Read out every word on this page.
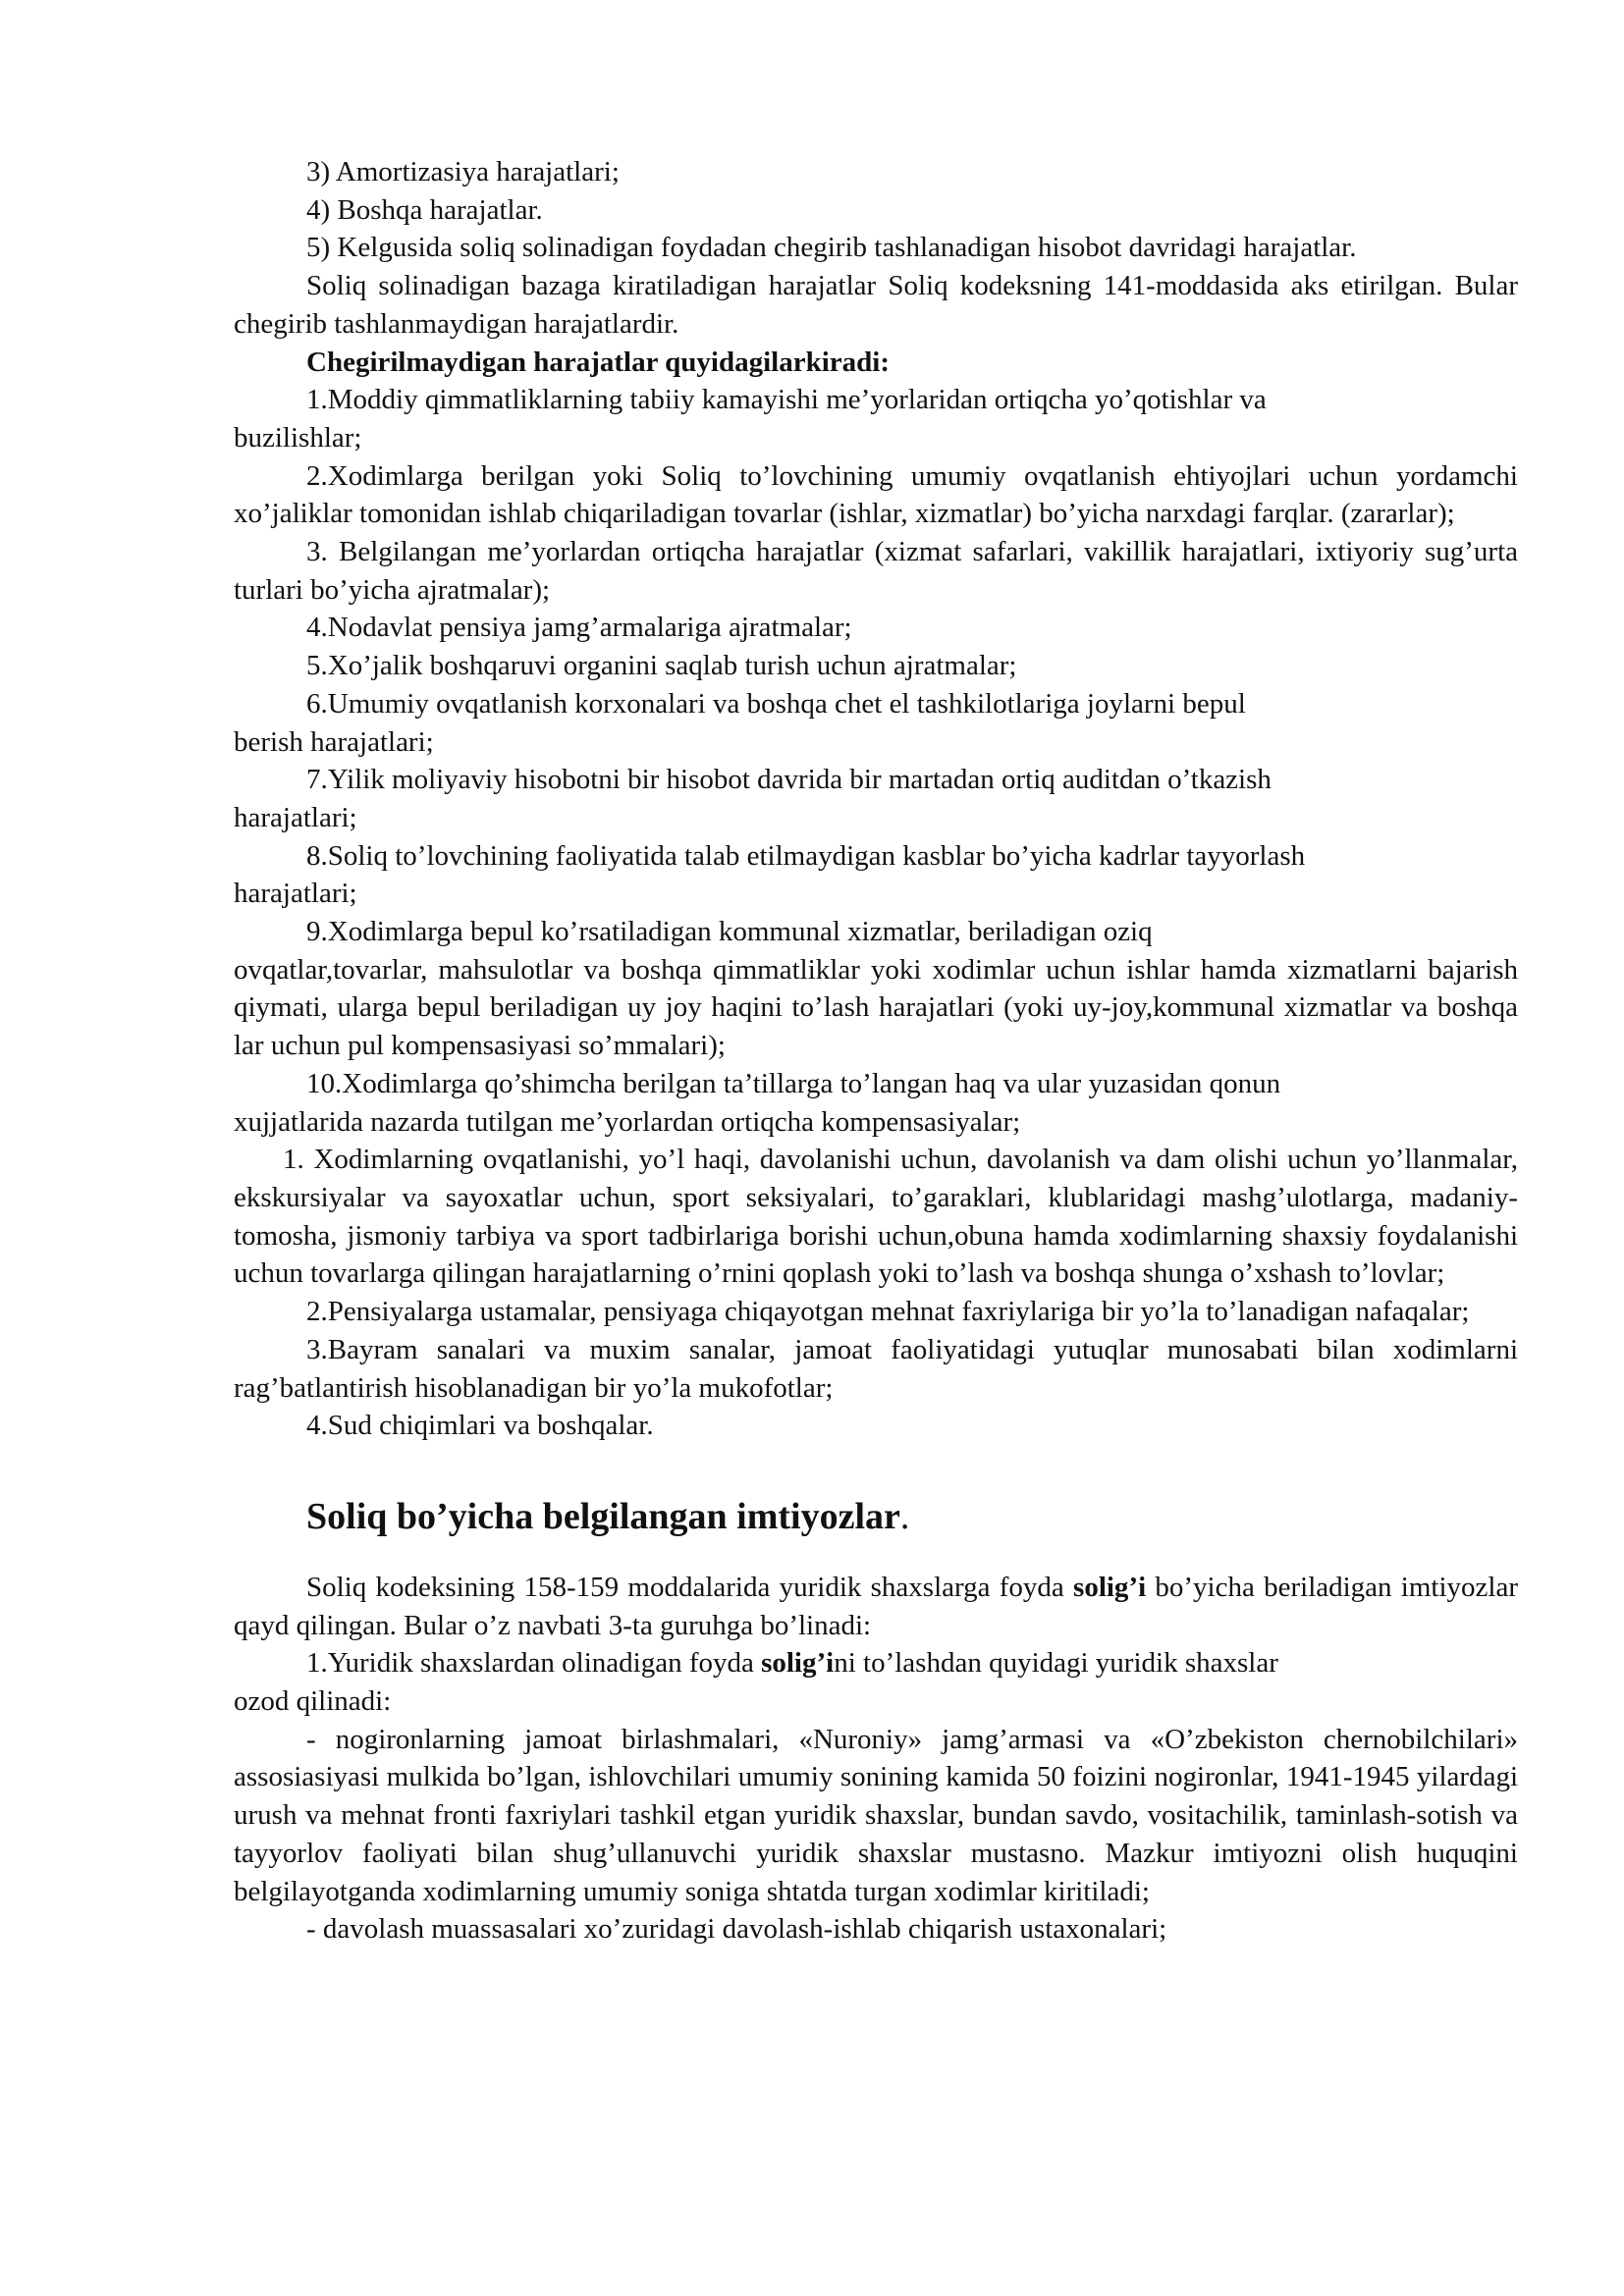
3) Amortizasiya harajatlari;

4) Boshqa harajatlar.

5) Kelgusida soliq solinadigan foydadan chegirib tashlanadigan hisobot davridagi harajatlar.

Soliq solinadigan bazaga kiratiladigan harajatlar Soliq kodeksning 141-moddasida aks etirilgan. Bular chegirib tashlanmaydigan harajatlardir.

Chegirilmaydigan harajatlar quyidagilarkiradi:

1.Moddiy qimmatliklarning tabiiy kamayishi me’yorlaridan ortiqcha yo’qotishlar va
buzilishlar;

2.Xodimlarga berilgan yoki Soliq to’lovchining umumiy ovqatlanish ehtiyojlari uchun yordamchi xo’jaliklar tomonidan ishlab chiqariladigan tovarlar (ishlar, xizmatlar) bo’yicha narxdagi farqlar. (zararlar);

3. Belgilangan me’yorlardan ortiqcha harajatlar (xizmat safarlari, vakillik harajatlari, ixtiyoriy sug’urta turlari bo’yicha ajratmalar);

4.Nodavlat pensiya jamg’armalariga ajratmalar;

5.Xo’jalik boshqaruvi organini saqlab turish uchun ajratmalar;

6.Umumiy ovqatlanish korxonalari va boshqa chet el tashkilotlariga joylarni bepul
berish harajatlari;

7.Yilik moliyaviy hisobotni bir hisobot davrida bir martadan ortiq auditdan o’tkazish
harajatlari;

8.Soliq to’lovchining faoliyatida talab etilmaydigan kasblar bo’yicha kadrlar tayyorlash
harajatlari;

9.Xodimlarga bepul ko’rsatiladigan kommunal xizmatlar, beriladigan oziq

ovqatlar,tovarlar, mahsulotlar va boshqa qimmatliklar yoki xodimlar uchun ishlar hamda xizmatlarni bajarish qiymati, ularga bepul beriladigan uy joy haqini to’lash harajatlari (yoki uy-joy,kommunal xizmatlar va boshqa lar uchun pul kompensasiyasi so’mmalari);

10.Xodimlarga qo’shimcha berilgan ta’tillarga to’langan haq va ular yuzasidan qonun
xujjatlarida nazarda tutilgan me’yorlardan ortiqcha kompensasiyalar;

1. Xodimlarning ovqatlanishi, yo’l haqi, davolanishi uchun, davolanish va dam olishi uchun yo’llanmalar, ekskursiyalar va sayoxatlar uchun, sport seksiyalari, to’garaklari, klublaridagi mashg’ulotlarga, madaniy-tomosha, jismoniy tarbiya va sport tadbirlariga borishi uchun,obuna hamda xodimlarning shaxsiy foydalanishi uchun tovarlarga qilingan harajatlarning o’rnini qoplash yoki to’lash va boshqa shunga o’xshash to’lovlar;

2.Pensiyalarga ustamalar, pensiyaga chiqayotgan mehnat faxriylariga bir yo’la to’lanadigan nafaqalar;

3.Bayram sanalari va muxim sanalar, jamoat faoliyatidagi yutuqlar munosabati bilan xodimlarni rag’batlantirish hisoblanadigan bir yo’la mukofotlar;

4.Sud chiqimlari va boshqalar.

Soliq bo’yicha belgilangan imtiyozlar.

Soliq kodeksining 158-159 moddalarida yuridik shaxslarga foyda solig’i bo’yicha beriladigan imtiyozlar qayd qilingan. Bular o’z navbati 3-ta guruhga bo’linadi:

1.Yuridik shaxslardan olinadigan foyda solig’ini to’lashdan quyidagi yuridik shaxslar
ozod qilinadi:

- nogironlarning jamoat birlashmalari, «Nuroniy» jamg’armasi va «O’zbekiston chernobilchilari» assosiasiyasi mulkida bo’lgan, ishlovchilari umumiy sonining kamida 50 foizini nogironlar, 1941-1945 yilardagi urush va mehnat fronti faxriylari tashkil etgan yuridik shaxslar, bundan savdo, vositachilik, taminlash-sotish va tayyorlov faoliyati bilan shug’ullanuvchi yuridik shaxslar mustasno. Mazkur imtiyozni olish huquqini belgilayotganda xodimlarning umumiy soniga shtatda turgan xodimlar kiritiladi;

- davolash muassasalari xo’zuridagi davolash-ishlab chiqarish ustaxonalari;
